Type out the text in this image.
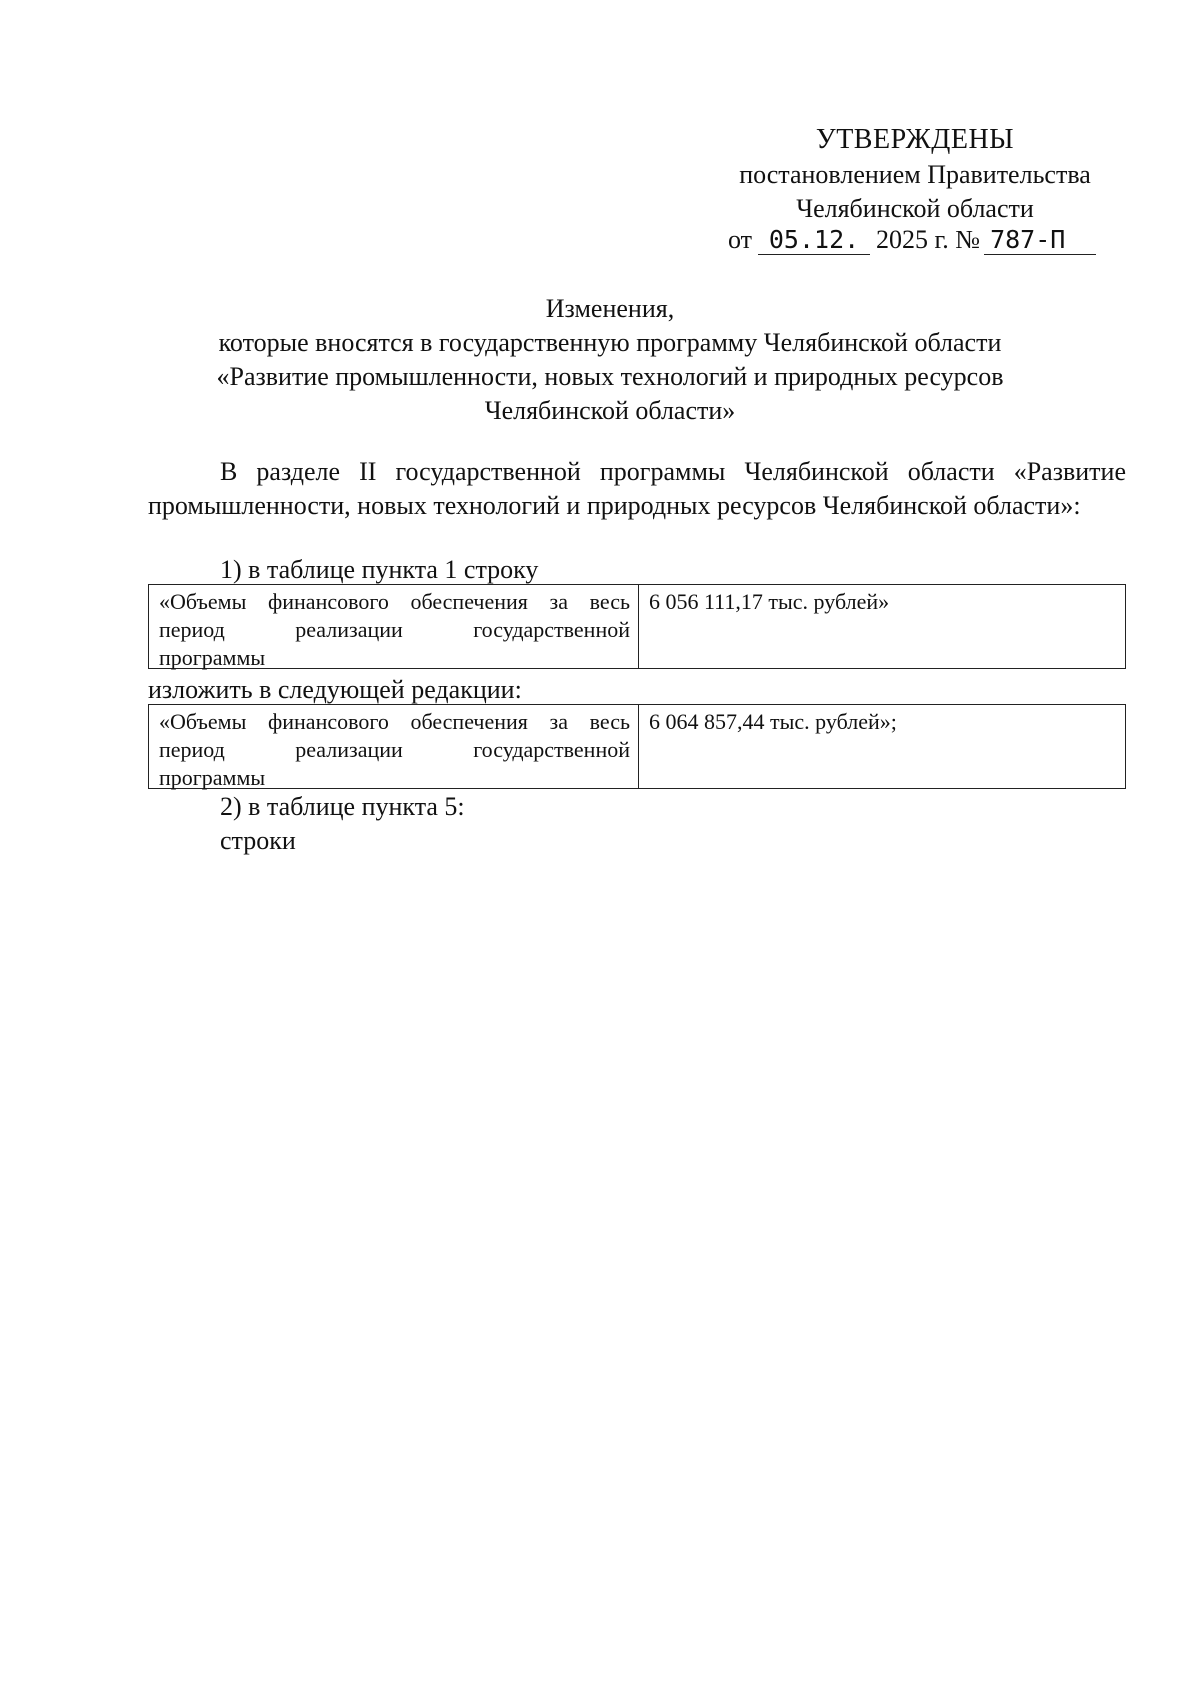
УТВЕРЖДЕНЫ
постановлением Правительства
Челябинской области
от 05.12. 2025 г. № 787-П
Изменения,
которые вносятся в государственную программу Челябинской области
«Развитие промышленности, новых технологий и природных ресурсов
Челябинской области»
В разделе II государственной программы Челябинской области «Развитие промышленности, новых технологий и природных ресурсов Челябинской области»:
1) в таблице пункта 1 строку
«Объемы финансового обеспечения за весь период реализации государственной
программы
6 056 111,17 тыс. рублей»
изложить в следующей редакции:
«Объемы финансового обеспечения за весь период реализации государственной
программы
6 064 857,44 тыс. рублей»;
2) в таблице пункта 5:
строки
